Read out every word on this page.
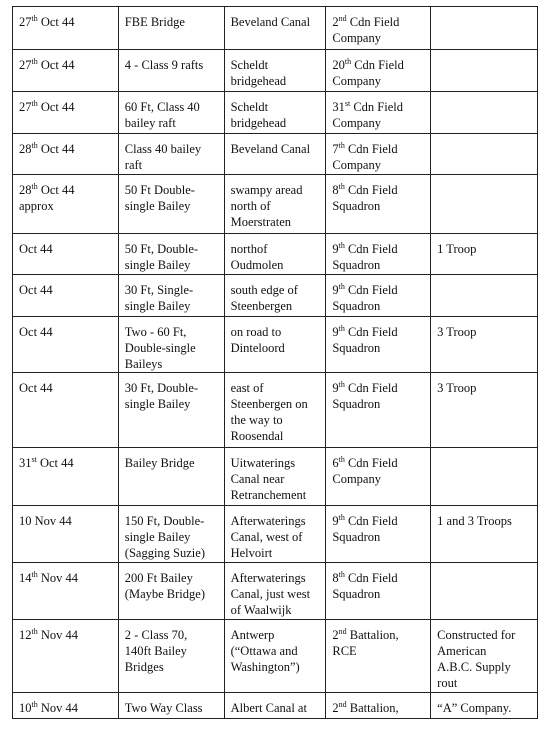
27th Oct 44	FBE Bridge	Beveland Canal	2nd Cdn Field
Company	
27th Oct 44	4 - Class 9 rafts	Scheldt
bridgehead	20th Cdn Field
Company	
27th Oct 44	60 Ft, Class 40
bailey raft	Scheldt
bridgehead	31st Cdn Field
Company	
28th Oct 44	Class 40 bailey
raft	Beveland Canal	7th Cdn Field
Company	
28th Oct 44
approx	50 Ft Double-
single Bailey	swampy aread
north of
Moerstraten	8th Cdn Field
Squadron	
Oct 44	50 Ft, Double-
single Bailey	northof
Oudmolen	9th Cdn Field
Squadron	1 Troop
Oct 44	30 Ft, Single-
single Bailey	south edge of
Steenbergen	9th Cdn Field
Squadron	
Oct 44	Two - 60 Ft,
Double-single
Baileys	on road to
Dinteloord	9th Cdn Field
Squadron	3 Troop
Oct 44	30 Ft, Double-
single Bailey	east of
Steenbergen on
the way to
Roosendal	9th Cdn Field
Squadron	3 Troop
31st Oct 44	Bailey Bridge	Uitwaterings
Canal near
Retranchement	6th Cdn Field
Company	
10 Nov 44	150 Ft, Double-
single Bailey
(Sagging Suzie)	Afterwaterings
Canal, west of
Helvoirt	9th Cdn Field
Squadron	1 and 3 Troops
14th Nov 44	200 Ft Bailey
(Maybe Bridge)	Afterwaterings
Canal, just west
of Waalwijk	8th Cdn Field
Squadron	
12th Nov 44	2 - Class 70,
140ft Bailey
Bridges	Antwerp
(“Ottawa and
Washington”)	2nd Battalion,
RCE	Constructed for
American
A.B.C. Supply
rout
10th Nov 44	Two Way Class	Albert Canal at	2nd Battalion,	“A” Company.
